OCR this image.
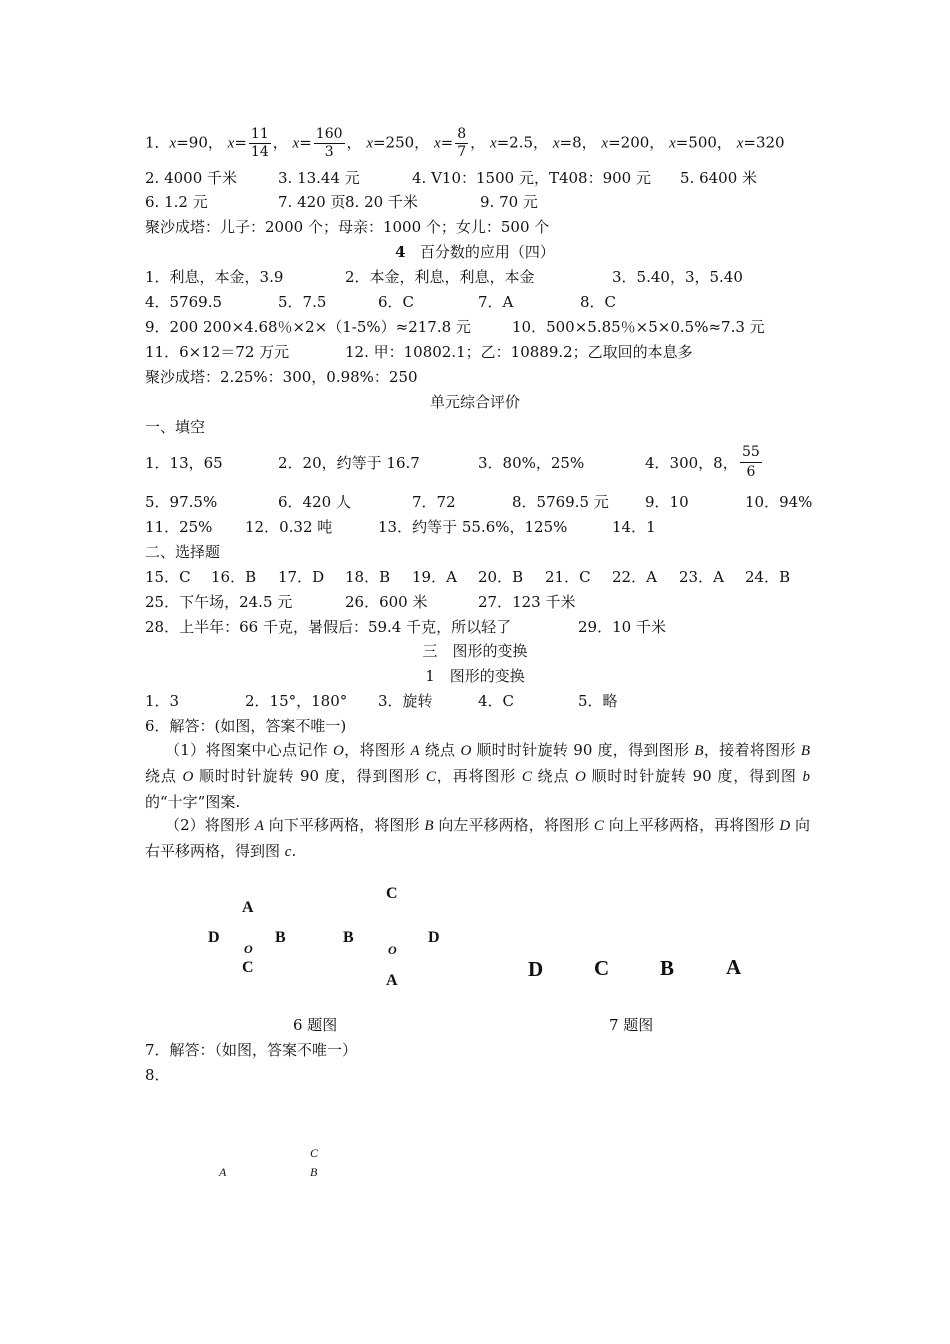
1．x=90， $x= \frac{11}{14}$ ， $x= \frac{160}{3}$ ， x=250， $x= \frac{8}{7}$ ， x=2.5， x=8， x=200， x=500， x=320
2. 4000 千米	3. 13.44 元	4. V10：1500 元，T408：900 元 5. 6400 米
6. 1.2 元	7. 420 页 8. 20 千米	9. 70 元
聚沙成塔：儿子：2000 个；母亲：1000 个；女儿：500 个
4 百分数的应用（四）
1．利息，本金，3.9	2．本金，利息，利息，本金	3．5.40，3，5.40
4．5769.5	5．7.5	6．C	7．A	8．C
9．200 200×4.68％×2×（1-5%）≈217.8 元	10．500×5.85％×5×0.5%≈7.3 元
11．6×12＝72 万元	12. 甲：10802.1；乙：10889.2；乙取回的本息多
聚沙成塔：2.25%：300，0.98%：250
单元综合评价
一、填空
1．13，65	2．20，约等于 16.7	3．80%，25%	4．300，8， $\frac{55}{6}$
5．97.5%	6．420 人	7．72	8．5769.5 元 9．10	10．94%
11．25% 12．0.32 吨	13．约等于 55.6%，125%	14．1
二、选择题
15．C 16．B 17．D 18．B 19．A 20．B 21．C 22．A 23．A 24．B
25．下午场，24.5 元	26．600 米	27．123 千米
28．上半年：66 千克，暑假后：59.4 千克，所以轻了	29．10 千米
三　图形的变换
1　图形的变换
1．3	2．15°，180° 3．旋转	4．C	5．略
6．解答：(如图，答案不唯一)
（1）将图案中心点记作 O，将图形 A 绕点 O 顺时时针旋转 90 度，得到图形 B，接着将图形 B 绕点 O 顺时时针旋转 90 度，得到图形 C，再将图形 C 绕点 O 顺时时针旋转 90 度，得到图 b 的“十字”图案.
（2）将图形 A 向下平移两格，将图形 B 向左平移两格，将图形 C 向上平移两格，再将图形 D 向右平移两格，得到图 c.
A
D	B
O
C
C
B	D
O
A	D C B A
6 题图	7 题图
7．解答：（如图，答案不唯一）
8．
C
A	B
